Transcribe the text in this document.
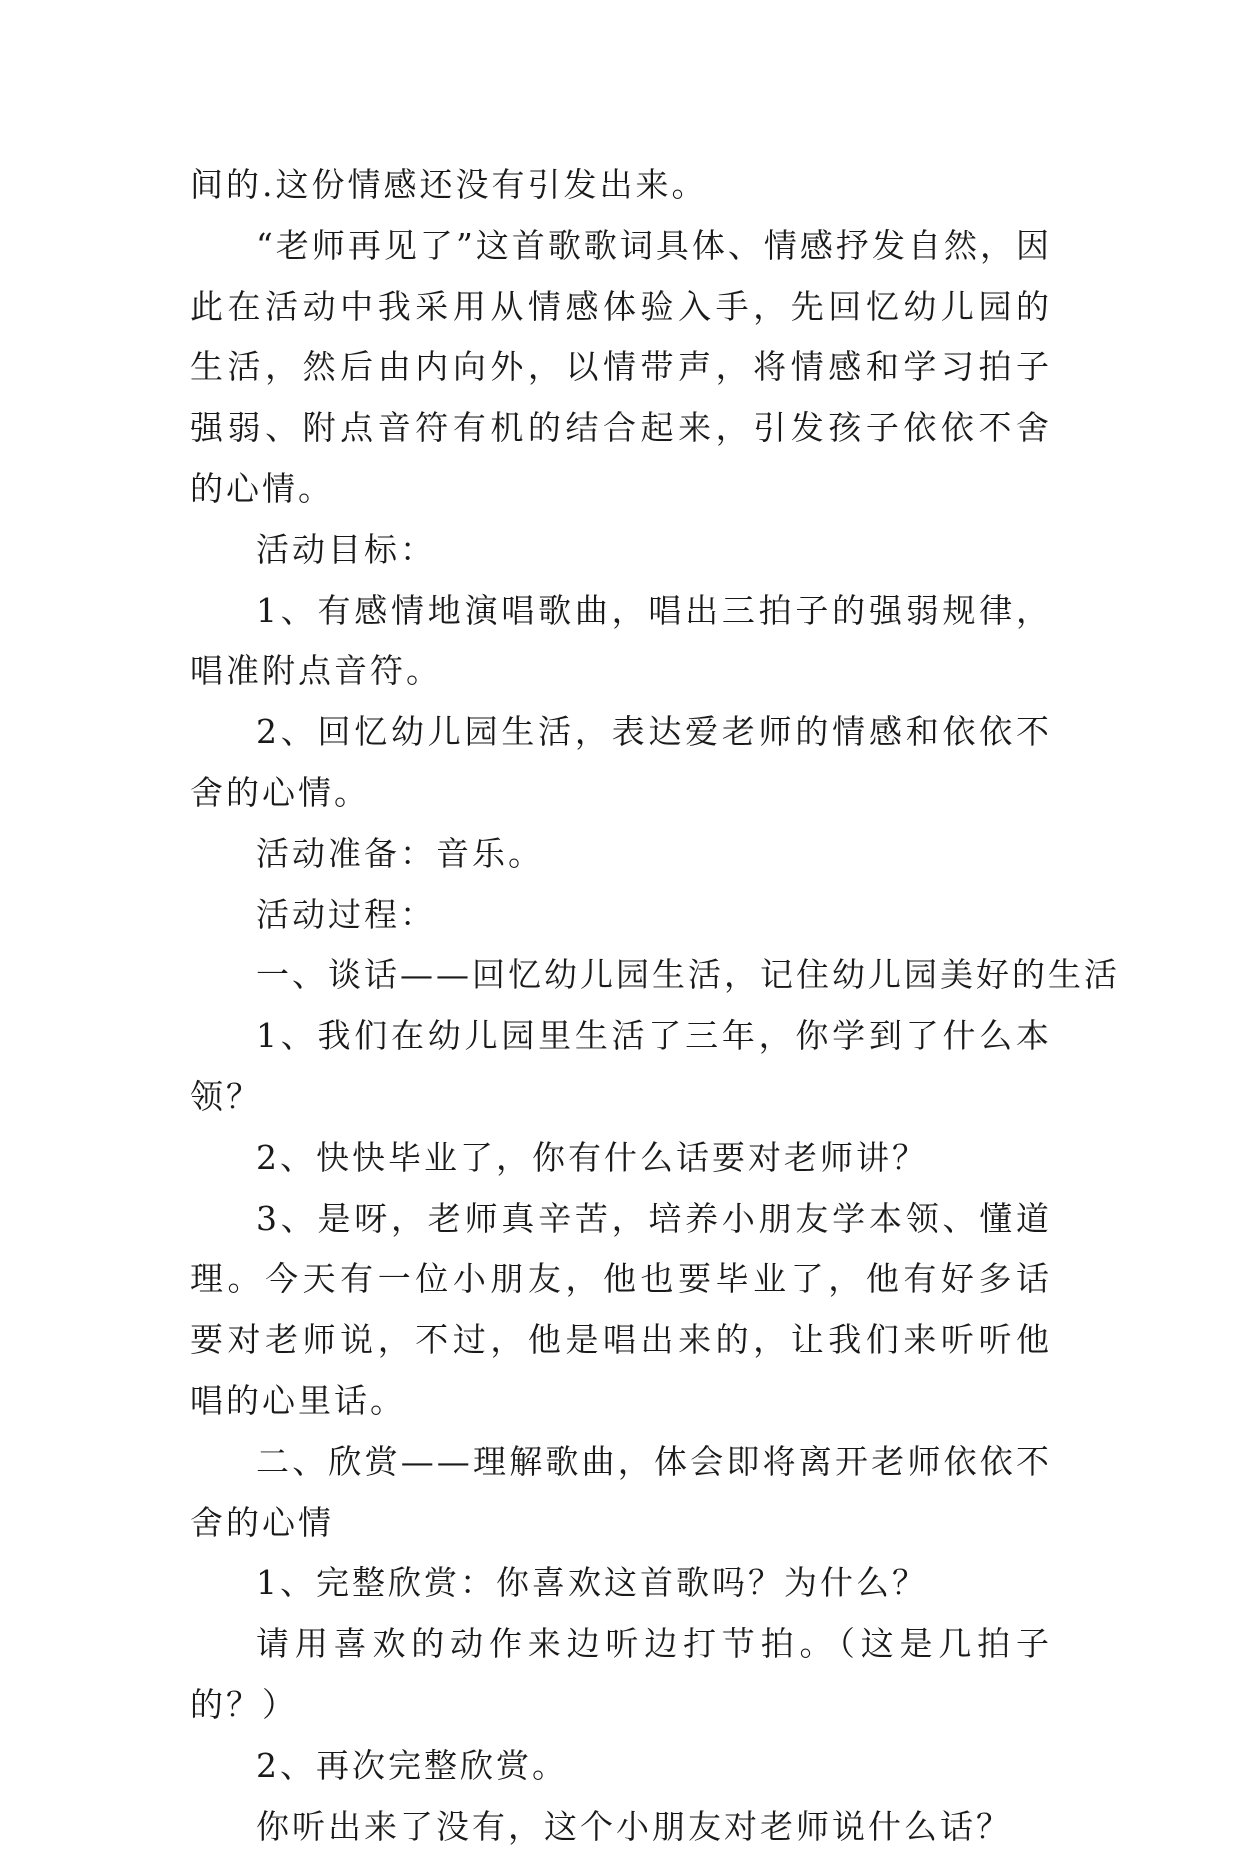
间的.这份情感还没有引发出来。

“老师再见了”这首歌歌词具体、情感抒发自然，因此在活动中我采用从情感体验入手，先回忆幼儿园的生活，然后由内向外，以情带声，将情感和学习拍子强弱、附点音符有机的结合起来，引发孩子依依不舍的心情。

活动目标：

1、有感情地演唱歌曲，唱出三拍子的强弱规律，唱准附点音符。

2、回忆幼儿园生活，表达爱老师的情感和依依不舍的心情。

活动准备：音乐。

活动过程：

一、谈话——回忆幼儿园生活，记住幼儿园美好的生活

1、我们在幼儿园里生活了三年，你学到了什么本领？

2、快快毕业了，你有什么话要对老师讲？

3、是呀，老师真辛苦，培养小朋友学本领、懂道理。今天有一位小朋友，他也要毕业了，他有好多话要对老师说，不过，他是唱出来的，让我们来听听他唱的心里话。

二、欣赏——理解歌曲，体会即将离开老师依依不舍的心情

1、完整欣赏：你喜欢这首歌吗？为什么？

请用喜欢的动作来边听边打节拍。（这是几拍子的？）

2、再次完整欣赏。

你听出来了没有，这个小朋友对老师说什么话？
